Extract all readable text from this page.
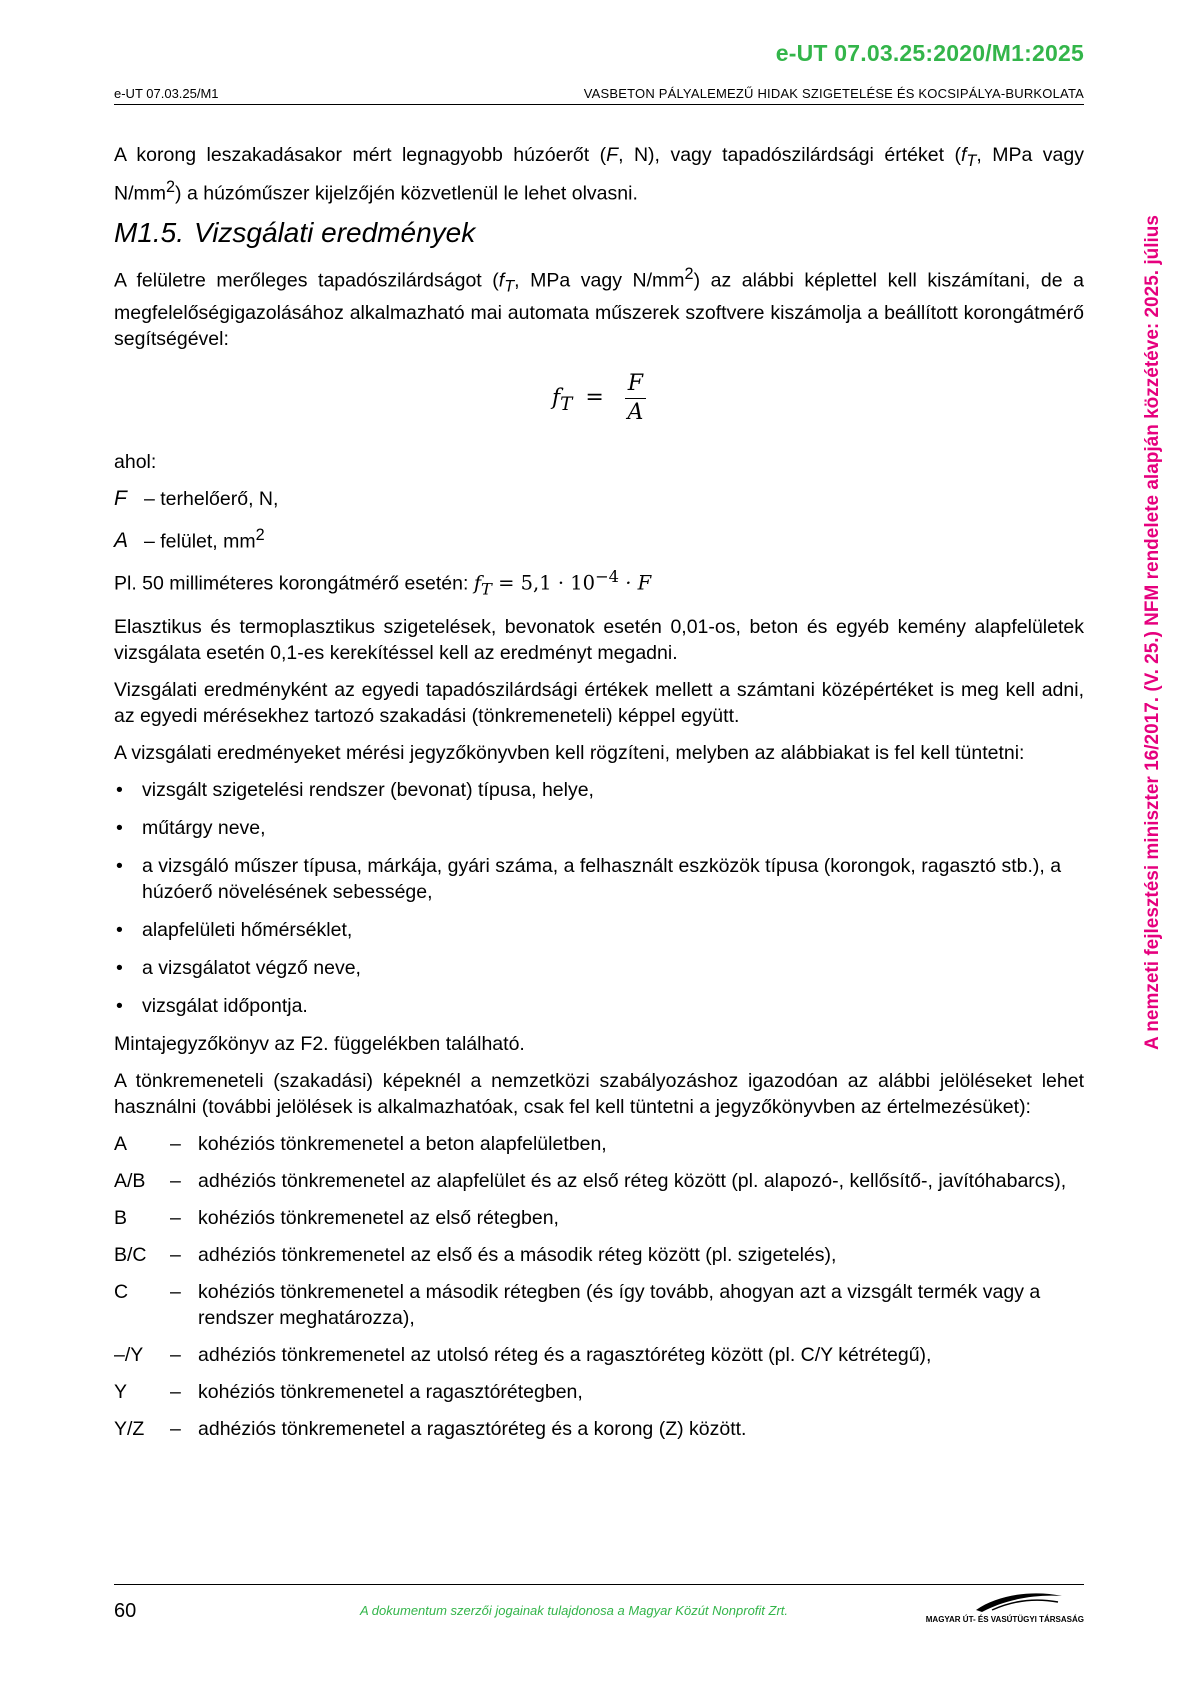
e-UT 07.03.25:2020/M1:2025
e-UT 07.03.25/M1	VASBETON PÁLYALEMEZŰ HIDAK SZIGETELÉSE ÉS KOCSIPÁLYA-BURKOLATA
A nemzeti fejlesztési miniszter 16/2017. (V. 25.) NFM rendelete alapján közzétéve: 2025. július

A korong leszakadásakor mért legnagyobb húzóerőt (F, N), vagy tapadószilárdsági értéket ($f_T$, MPa vagy $N/mm^2$) a húzóműszer kijelzőjén közvetlenül le lehet olvasni.

M1.5. Vizsgálati eredmények

A felületre merőleges tapadószilárdságot ($f_T$, MPa vagy $N/mm^2$) az alábbi képlettel kell kiszámítani, de a megfelelőségigazolásához alkalmazható mai automata műszerek szoftvere kiszámolja a beállított korongátmérő segítségével:

$f_T = \frac{F}{A}$

ahol:

F – terhelőerő, N,
A – felület, $mm^2$

Pl. 50 milliméteres korongátmérő esetén: $f_T = 5,1 \cdot 10^{-4} \cdot F$

Elasztikus és termoplasztikus szigetelések, bevonatok esetén 0,01-os, beton és egyéb kemény alapfelületek vizsgálata esetén 0,1-es kerekítéssel kell az eredményt megadni.

Vizsgálati eredményként az egyedi tapadószilárdsági értékek mellett a számtani középértéket is meg kell adni, az egyedi mérésekhez tartozó szakadási (tönkremeneteli) képpel együtt.

A vizsgálati eredményeket mérési jegyzőkönyvben kell rögzíteni, melyben az alábbiakat is fel kell tüntetni:

• vizsgált szigetelési rendszer (bevonat) típusa, helye,
• műtárgy neve,
• a vizsgáló műszer típusa, márkája, gyári száma, a felhasznált eszközök típusa (korongok, ragasztó stb.), a húzóerő növelésének sebessége,
• alapfelületi hőmérséklet,
• a vizsgálatot végző neve,
• vizsgálat időpontja.

Mintajegyzőkönyv az F2. függelékben található.

A tönkremeneteli (szakadási) képeknél a nemzetközi szabályozáshoz igazodóan az alábbi jelöléseket lehet használni (további jelölések is alkalmazhatóak, csak fel kell tüntetni a jegyzőkönyvben az értelmezésüket):

A	– kohéziós tönkremenetel a beton alapfelületben,
A/B	– adhéziós tönkremenetel az alapfelület és az első réteg között (pl. alapozó-, kellősítő-, javítóhabarcs),
B	– kohéziós tönkremenetel az első rétegben,
B/C	– adhéziós tönkremenetel az első és a második réteg között (pl. szigetelés),
C	– kohéziós tönkremenetel a második rétegben (és így tovább, ahogyan azt a vizsgált termék vagy a rendszer meghatározza),
–/Y	– adhéziós tönkremenetel az utolsó réteg és a ragasztóréteg között (pl. C/Y kétrétegű),
Y	– kohéziós tönkremenetel a ragasztórétegben,
Y/Z	– adhéziós tönkremenetel a ragasztóréteg és a korong (Z) között.
60	A dokumentum szerzői jogainak tulajdonosa a Magyar Közút Nonprofit Zrt.
MAGYAR ÚT- ÉS VASÚTÜGYI TÁRSASÁG
